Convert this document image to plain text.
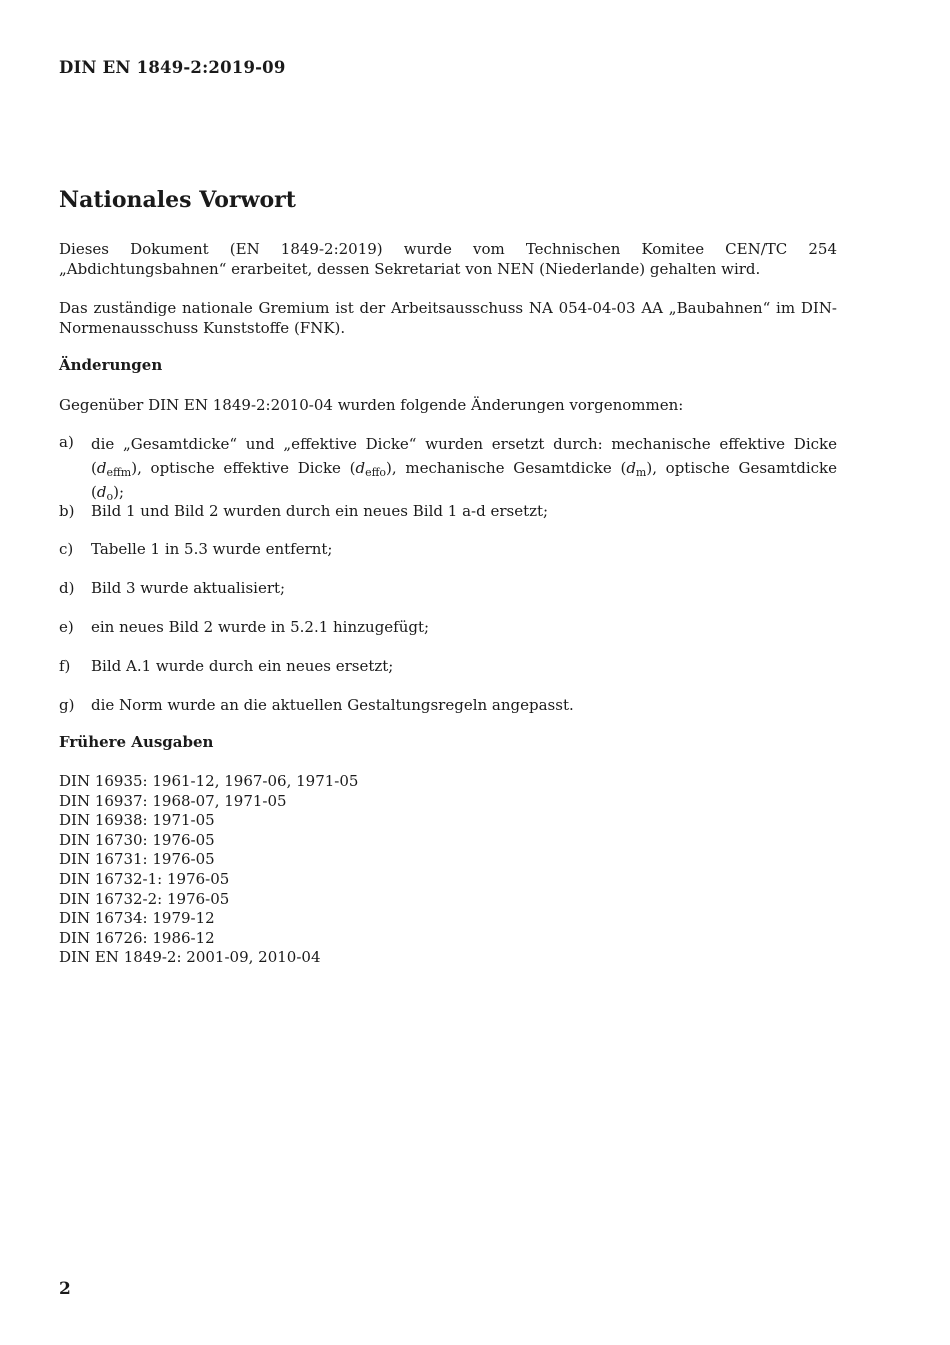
DIN EN 1849-2:2019-09
Nationales Vorwort

Dieses Dokument (EN 1849-2:2019) wurde vom Technischen Komitee CEN/TC 254 „Abdichtungsbahnen“ erarbeitet, dessen Sekretariat von NEN (Niederlande) gehalten wird.

Das zuständige nationale Gremium ist der Arbeitsausschuss NA 054-04-03 AA „Baubahnen“ im DIN-Normenausschuss Kunststoffe (FNK).

Änderungen

Gegenüber DIN EN 1849-2:2010-04 wurden folgende Änderungen vorgenommen:

a) die „Gesamtdicke“ und „effektive Dicke“ wurden ersetzt durch: mechanische effektive Dicke $(d_{effm})$, optische effektive Dicke $(d_{effo})$, mechanische Gesamtdicke $(d_m)$, optische Gesamtdicke $(d_o)$;
b) Bild 1 und Bild 2 wurden durch ein neues Bild 1 a-d ersetzt;
c) Tabelle 1 in 5.3 wurde entfernt;
d) Bild 3 wurde aktualisiert;
e) ein neues Bild 2 wurde in 5.2.1 hinzugefügt;
f) Bild A.1 wurde durch ein neues ersetzt;
g) die Norm wurde an die aktuellen Gestaltungsregeln angepasst.
Frühere Ausgaben
DIN 16935: 1961-12, 1967-06, 1971-05
DIN 16937: 1968-07, 1971-05
DIN 16938: 1971-05
DIN 16730: 1976-05
DIN 16731: 1976-05
DIN 16732-1: 1976-05
DIN 16732-2: 1976-05
DIN 16734: 1979-12
DIN 16726: 1986-12
DIN EN 1849-2: 2001-09, 2010-04
2
